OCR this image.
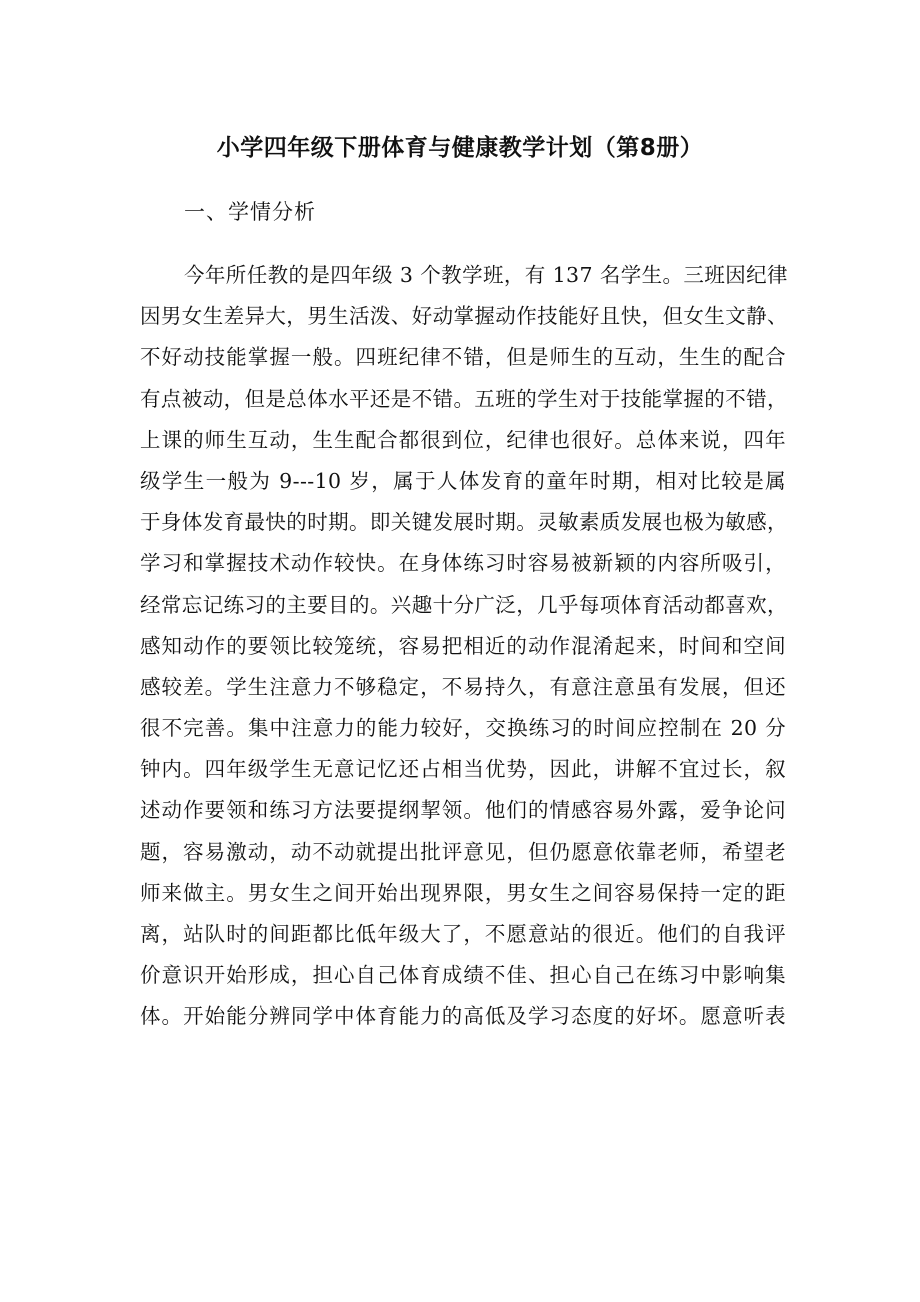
小学四年级下册体育与健康教学计划（第8册）
一、学情分析
今年所任教的是四年级 3 个教学班，有 137 名学生。三班因纪律
因男女生差异大，男生活泼、好动掌握动作技能好且快，但女生文静、
不好动技能掌握一般。四班纪律不错，但是师生的互动，生生的配合
有点被动，但是总体水平还是不错。五班的学生对于技能掌握的不错，
上课的师生互动，生生配合都很到位，纪律也很好。总体来说，四年
级学生一般为 9---10 岁，属于人体发育的童年时期，相对比较是属
于身体发育最快的时期。即关键发展时期。灵敏素质发展也极为敏感，
学习和掌握技术动作较快。在身体练习时容易被新颖的内容所吸引，
经常忘记练习的主要目的。兴趣十分广泛，几乎每项体育活动都喜欢，
感知动作的要领比较笼统，容易把相近的动作混淆起来，时间和空间
感较差。学生注意力不够稳定，不易持久，有意注意虽有发展，但还
很不完善。集中注意力的能力较好，交换练习的时间应控制在 20 分
钟内。四年级学生无意记忆还占相当优势，因此，讲解不宜过长，叙
述动作要领和练习方法要提纲挈领。他们的情感容易外露，爱争论问
题，容易激动，动不动就提出批评意见，但仍愿意依靠老师，希望老
师来做主。男女生之间开始出现界限，男女生之间容易保持一定的距
离，站队时的间距都比低年级大了，不愿意站的很近。他们的自我评
价意识开始形成，担心自己体育成绩不佳、担心自己在练习中影响集
体。开始能分辨同学中体育能力的高低及学习态度的好坏。愿意听表
